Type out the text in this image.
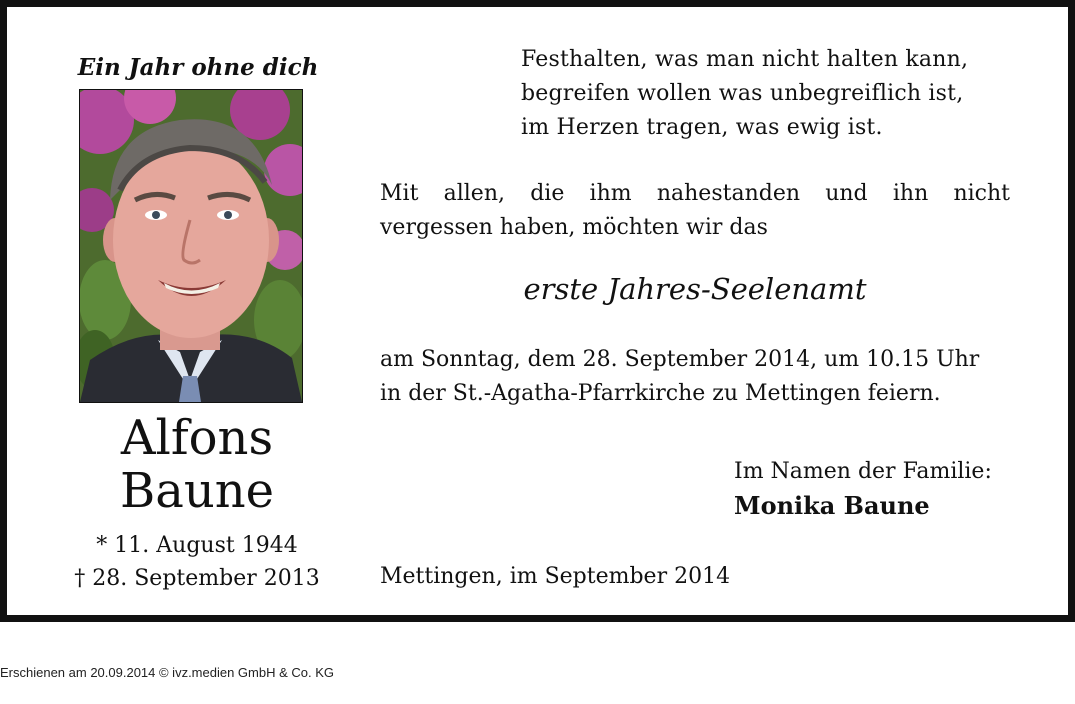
Ein Jahr ohne dich
Alfons
Baune
* 11. August 1944
† 28. September 2013
Festhalten, was man nicht halten kann,
begreifen wollen was unbegreiflich ist,
im Herzen tragen, was ewig ist.
Mit allen, die ihm nahestanden und ihn nicht
vergessen haben, möchten wir das
erste Jahres-Seelenamt
am Sonntag, dem 28. September 2014, um 10.15 Uhr
in der St.-Agatha-Pfarrkirche zu Mettingen feiern.
Im Namen der Familie:
Monika Baune
Mettingen, im September 2014
Erschienen am 20.09.2014 © ivz.medien GmbH & Co. KG
